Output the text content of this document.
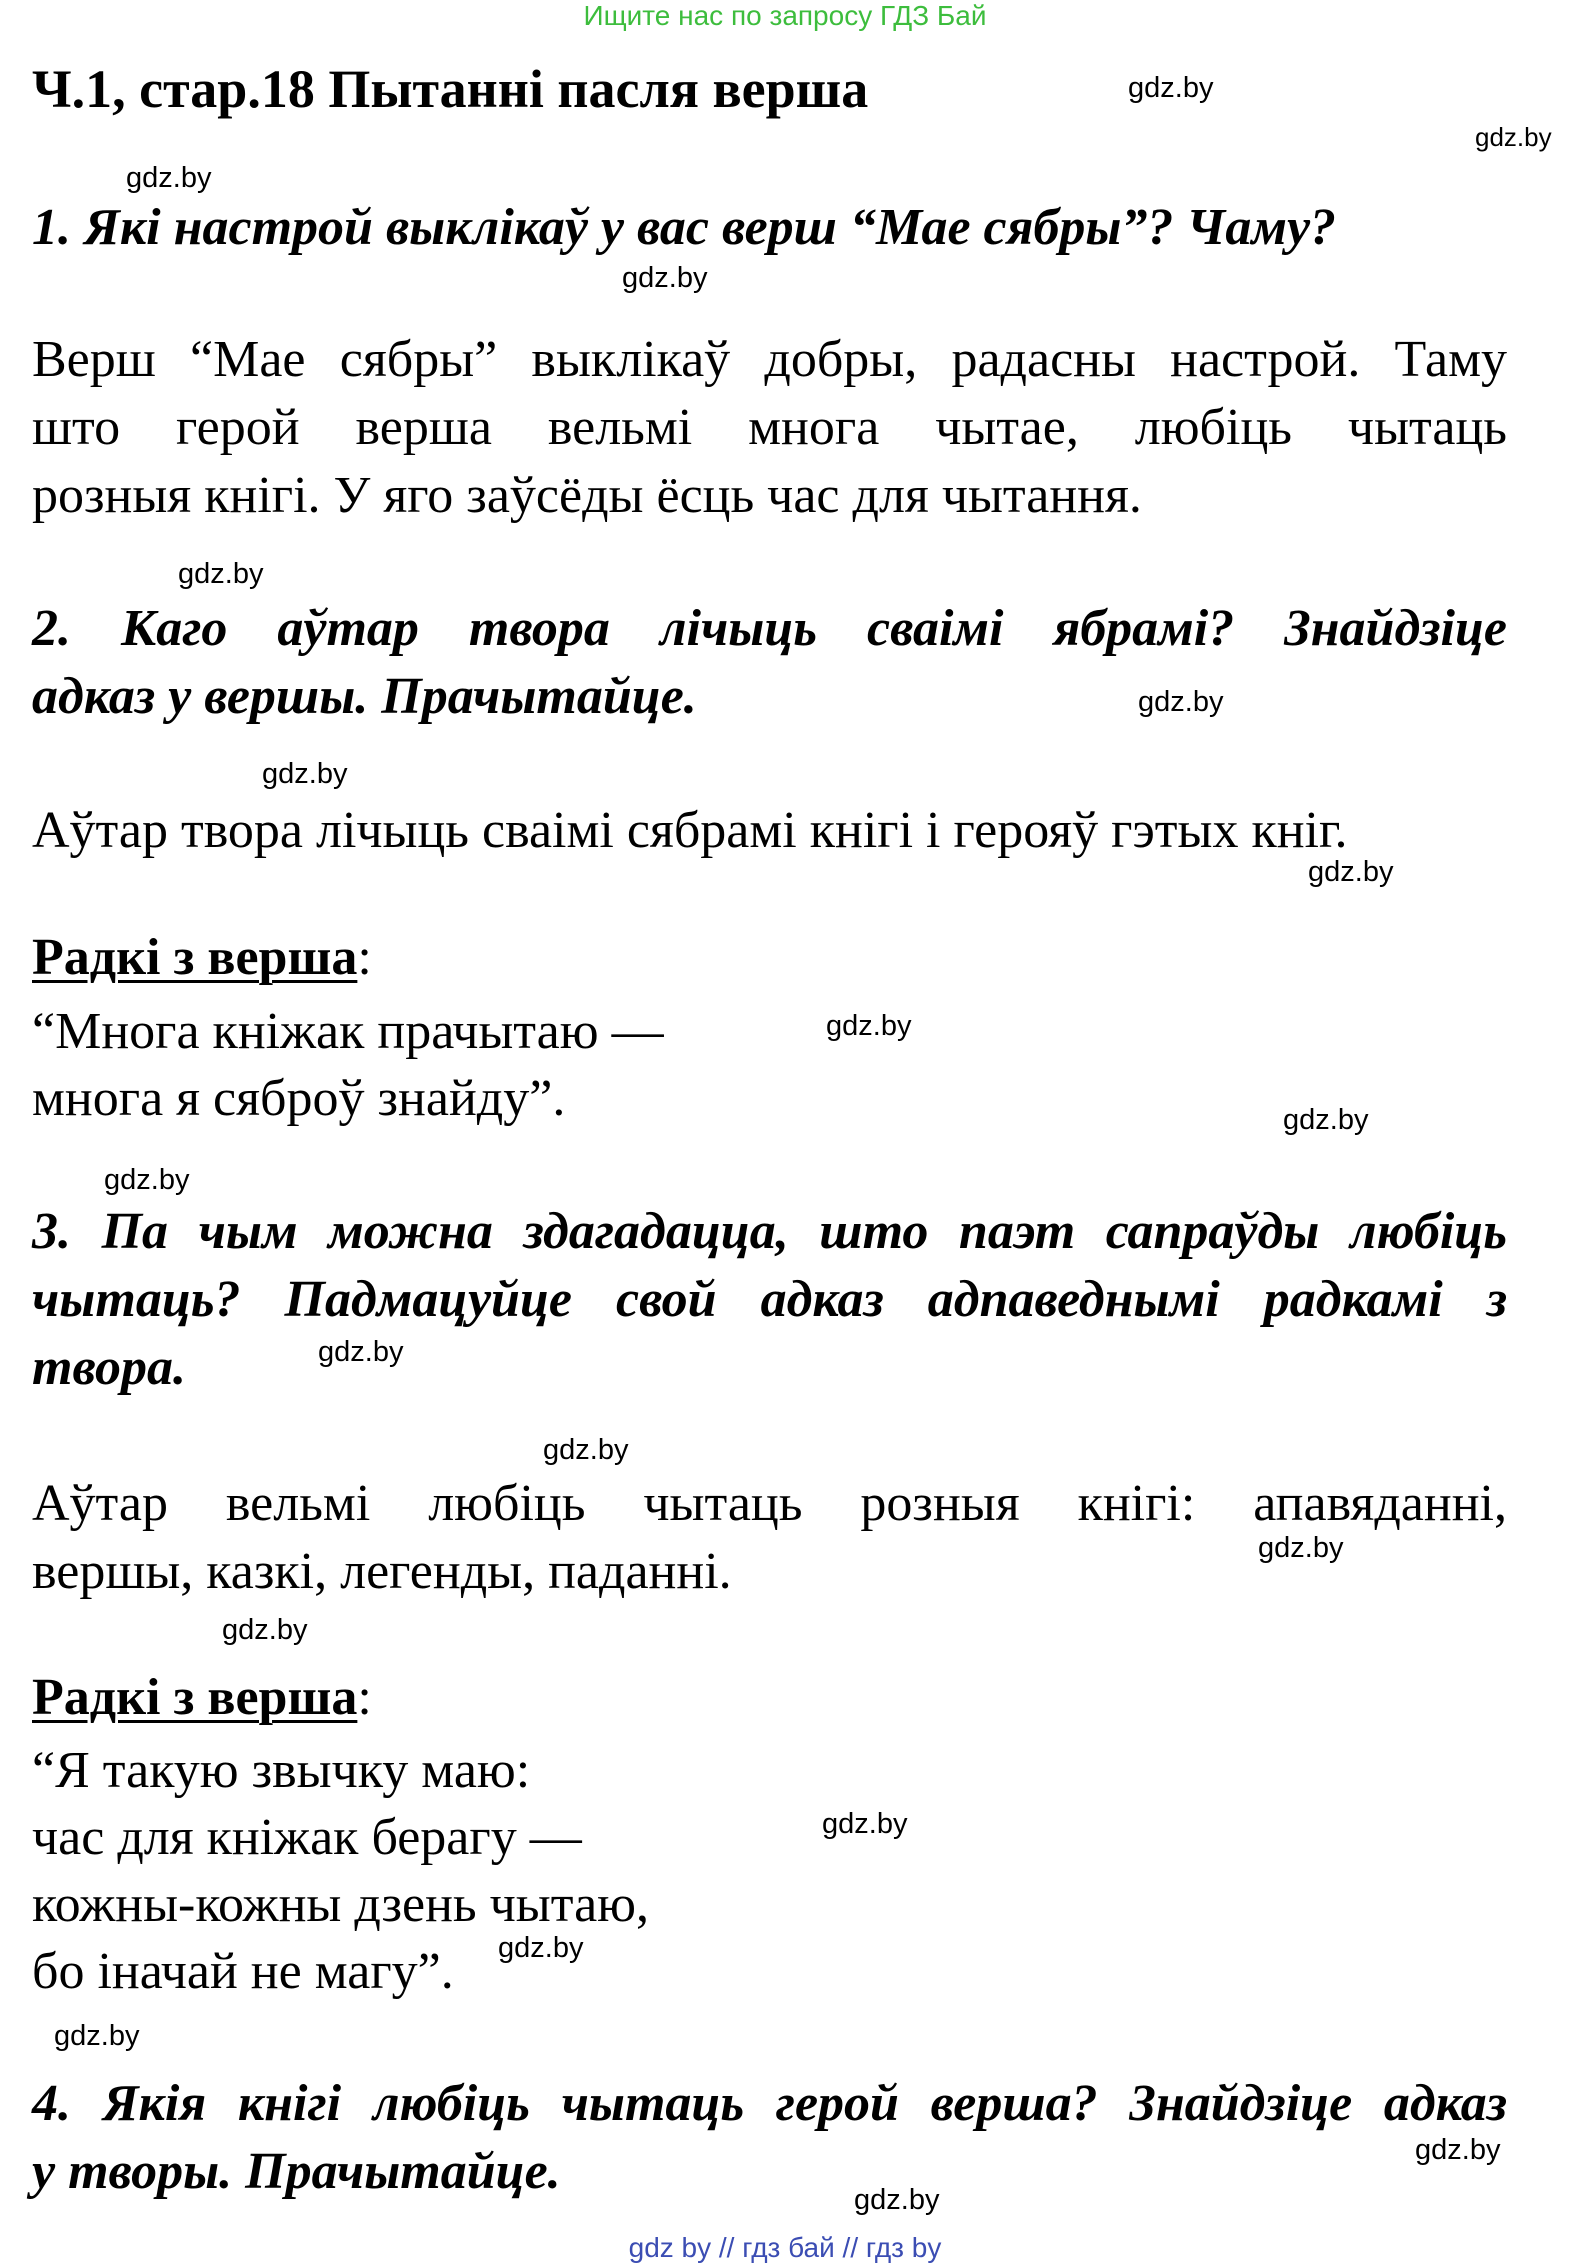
Ищите нас по запросу ГДЗ Бай
Ч.1, стар.18 Пытанні пасля верша	gdz.by
gdz.by
gdz.by
gdz.by
gdz.by
gdz.by
gdz.by
gdz.by
gdz.by
gdz.by
gdz.by
gdz.by
gdz.by
gdz.by
gdz.by
gdz.by
gdz.by
gdz.by
gdz.by
gdz.by
1. Які настрой выклікаў у вас верш “Мае сябры”? Чаму?
Верш “Мае сябры” выклікаў добры, радасны настрой. Таму
што герой верша вельмі многа чытае, любіць чытаць
розныя кнігі. У яго заўсёды ёсць час для чытання.
2. Каго аўтар твора лічыць сваімі ябрамі? Знайдзіце
адказ у вершы. Прачытайце.
Аўтар твора лічыць сваімі сябрамі кнігі і герояў гэтых кніг.
Радкі з верша:
“Многа кніжак прачытаю —
многа я сяброў знайду”.
3. Па чым можна здагадацца, што паэт сапраўды любіць
чытаць? Падмацуйце свой адказ адпаведнымі радкамі з
твора.
Аўтар вельмі любіць чытаць розныя кнігі: апавяданні,
вершы, казкі, легенды, паданні.
Радкі з верша:
“Я такую звычку маю:
час для кніжак берагу —
кожны-кожны дзень чытаю,
бо іначай не магу”.
4. Якія кнігі любіць чытаць герой верша? Знайдзіце адказ
у творы. Прачытайце.
gdz by // гдз бай // гдз by
